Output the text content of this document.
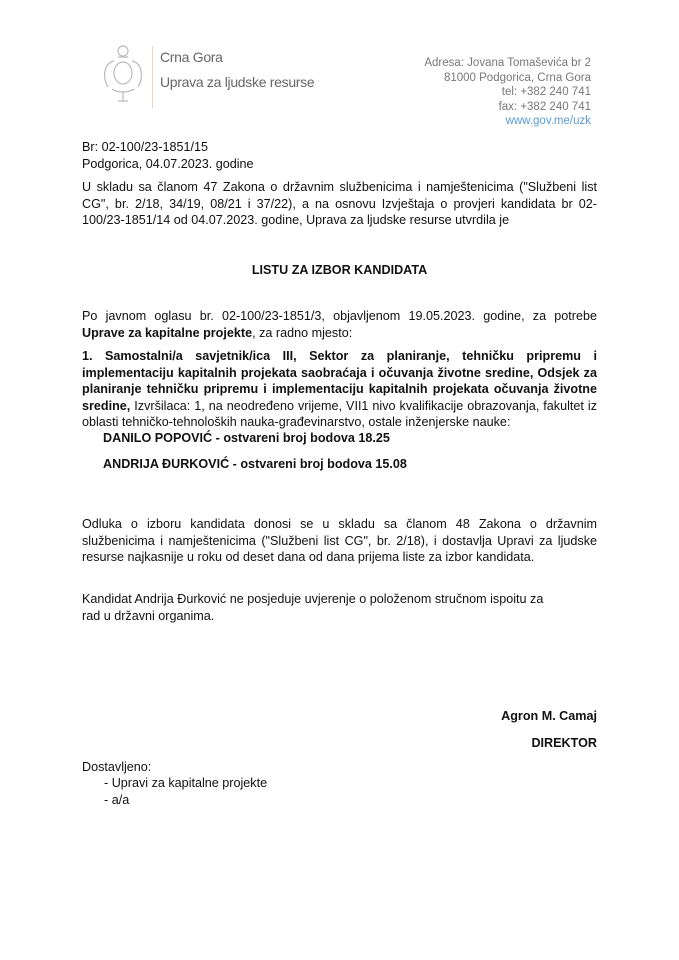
Crna Gora
Uprava za ljudske resurse
Adresa: Jovana Tomaševića br 2
81000 Podgorica, Crna Gora
tel: +382 240 741
fax: +382 240 741
www.gov.me/uzk
Br: 02-100/23-1851/15
Podgorica, 04.07.2023. godine
U skladu sa članom 47 Zakona o državnim službenicima i namještenicima ("Službeni list CG", br. 2/18, 34/19, 08/21 i 37/22), a na osnovu Izvještaja o provjeri kandidata br 02-100/23-1851/14 od 04.07.2023. godine, Uprava za ljudske resurse utvrdila je
LISTU ZA IZBOR KANDIDATA
Po javnom oglasu br. 02-100/23-1851/3, objavljenom 19.05.2023. godine, za potrebe Uprave za kapitalne projekte, za radno mjesto:
1. Samostalni/a savjetnik/ica III, Sektor za planiranje, tehničku pripremu i implementaciju kapitalnih projekata saobraćaja i očuvanja životne sredine, Odsjek za planiranje tehničku pripremu i implementaciju kapitalnih projekata očuvanja životne sredine, Izvršilaca: 1, na neodređeno vrijeme, VII1 nivo kvalifikacije obrazovanja, fakultet iz oblasti tehničko-tehnoloških nauka-građevinarstvo, ostale inženjerske nauke:
DANILO POPOVIĆ - ostvareni broj bodova 18.25
ANDRIJA ĐURKOVIĆ - ostvareni broj bodova 15.08
Odluka o izboru kandidata donosi se u skladu sa članom 48 Zakona o državnim službenicima i namještenicima ("Službeni list CG", br. 2/18), i dostavlja Upravi za ljudske resurse najkasnije u roku od deset dana od dana prijema liste za izbor kandidata.
Kandidat Andrija Đurković ne posjeduje uvjerenje o položenom stručnom ispoitu za rad u državni organima.
Agron M. Camaj
DIREKTOR
Dostavljeno:
- Upravi za kapitalne projekte
- a/a
